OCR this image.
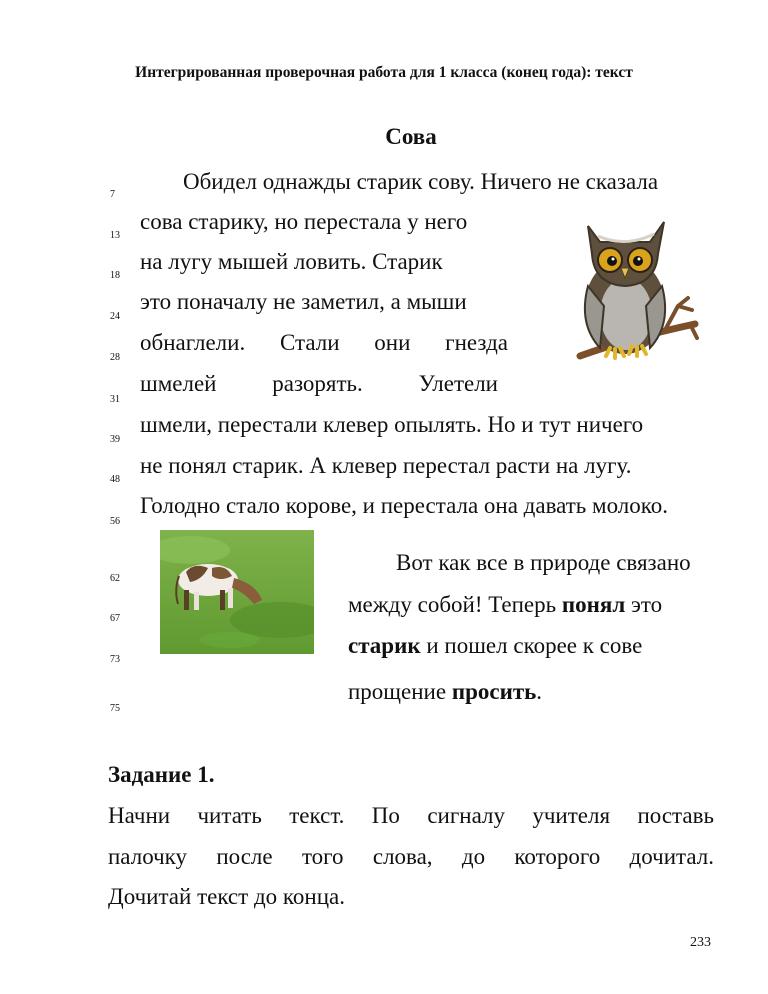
Интегрированная проверочная работа для 1 класса (конец года): текст
Сова
7
13
18
24
28
31
39
48
56
62
67
73
75
Обидел однажды старик сову. Ничего не сказала
сова старику, но перестала у него
на лугу мышей ловить. Старик
это поначалу не заметил, а мыши
обнаглели. Стали они гнезда
шмелей разорять. Улетели
шмели, перестали клевер опылять. Но и тут ничего
не понял старик. А клевер перестал расти на лугу.
Голодно стало корове, и перестала она давать молоко.
Вот как все в природе связано
между собой! Теперь понял это
старик и пошел скорее к сове
прощение просить.
Задание 1.
Начни читать текст. По сигналу учителя поставь
палочку после того слова, до которого дочитал.
Дочитай текст до конца.
233
